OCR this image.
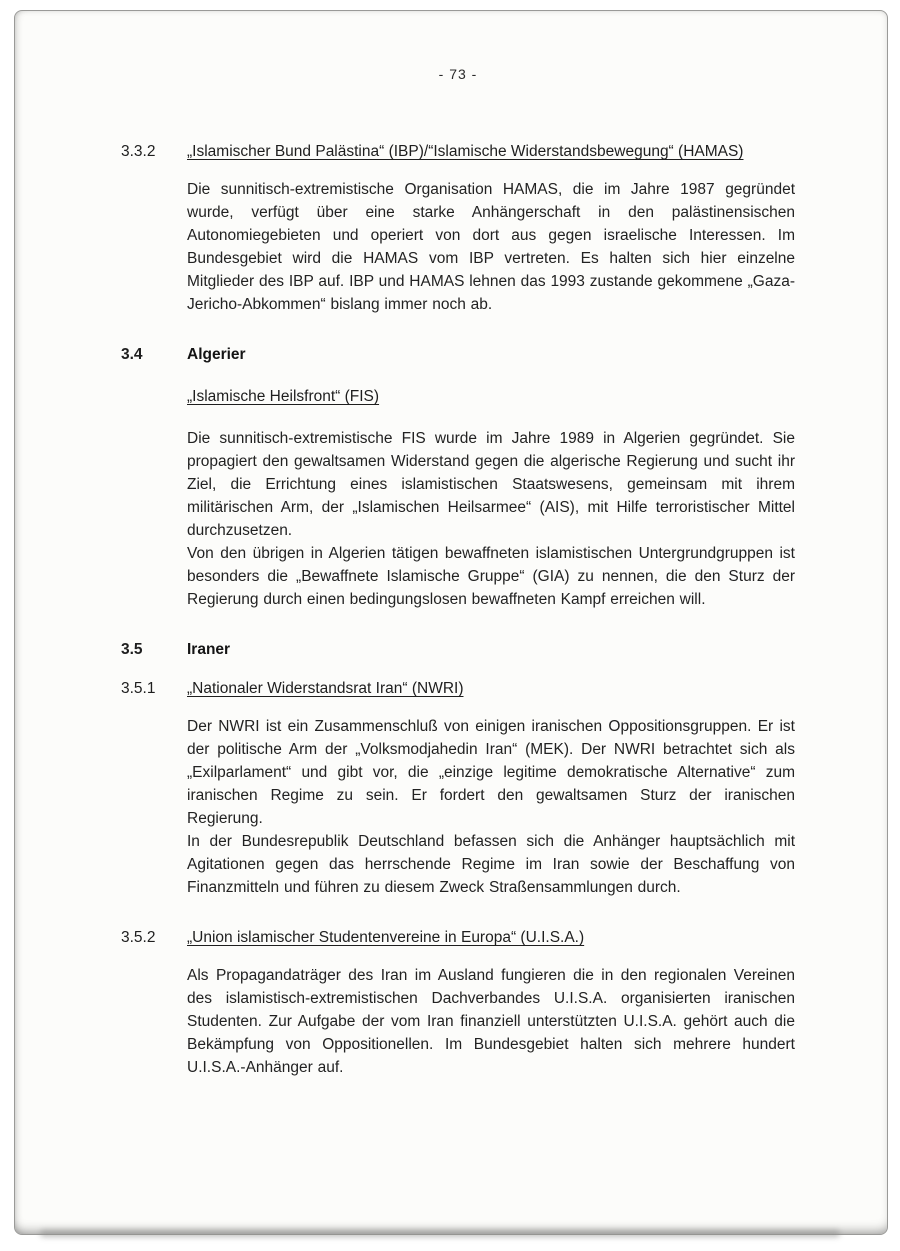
- 73 -
3.3.2	„Islamischer Bund Palästina“ (IBP)/“Islamische Widerstandsbewegung“ (HAMAS)

Die sunnitisch-extremistische Organisation HAMAS, die im Jahre 1987 gegründet wurde, verfügt über eine starke Anhängerschaft in den palästinensischen Autonomiegebieten und operiert von dort aus gegen israelische Interessen. Im Bundesgebiet wird die HAMAS vom IBP vertreten. Es halten sich hier einzelne Mitglieder des IBP auf. IBP und HAMAS lehnen das 1993 zustande gekommene „Gaza-Jericho-Abkommen“ bislang immer noch ab.

3.4	Algerier
„Islamische Heilsfront“ (FIS)

Die sunnitisch-extremistische FIS wurde im Jahre 1989 in Algerien gegründet. Sie propagiert den gewaltsamen Widerstand gegen die algerische Regierung und sucht ihr Ziel, die Errichtung eines islamistischen Staatswesens, gemeinsam mit ihrem militärischen Arm, der „Islamischen Heilsarmee“ (AIS), mit Hilfe terroristischer Mittel durchzusetzen.

Von den übrigen in Algerien tätigen bewaffneten islamistischen Untergrundgruppen ist besonders die „Bewaffnete Islamische Gruppe“ (GIA) zu nennen, die den Sturz der Regierung durch einen bedingungslosen bewaffneten Kampf erreichen will.

3.5	Iraner
3.5.1	„Nationaler Widerstandsrat Iran“ (NWRI)

Der NWRI ist ein Zusammenschluß von einigen iranischen Oppositionsgruppen. Er ist der politische Arm der „Volksmodjahedin Iran“ (MEK). Der NWRI betrachtet sich als „Exilparlament“ und gibt vor, die „einzige legitime demokratische Alternative“ zum iranischen Regime zu sein. Er fordert den gewaltsamen Sturz der iranischen Regierung.

In der Bundesrepublik Deutschland befassen sich die Anhänger hauptsächlich mit Agitationen gegen das herrschende Regime im Iran sowie der Beschaffung von Finanzmitteln und führen zu diesem Zweck Straßensammlungen durch.

3.5.2	„Union islamischer Studentenvereine in Europa“ (U.I.S.A.)

Als Propagandaträger des Iran im Ausland fungieren die in den regionalen Vereinen des islamistisch-extremistischen Dachverbandes U.I.S.A. organisierten iranischen Studenten. Zur Aufgabe der vom Iran finanziell unterstützten U.I.S.A. gehört auch die Bekämpfung von Oppositionellen. Im Bundesgebiet halten sich mehrere hundert U.I.S.A.-Anhänger auf.
